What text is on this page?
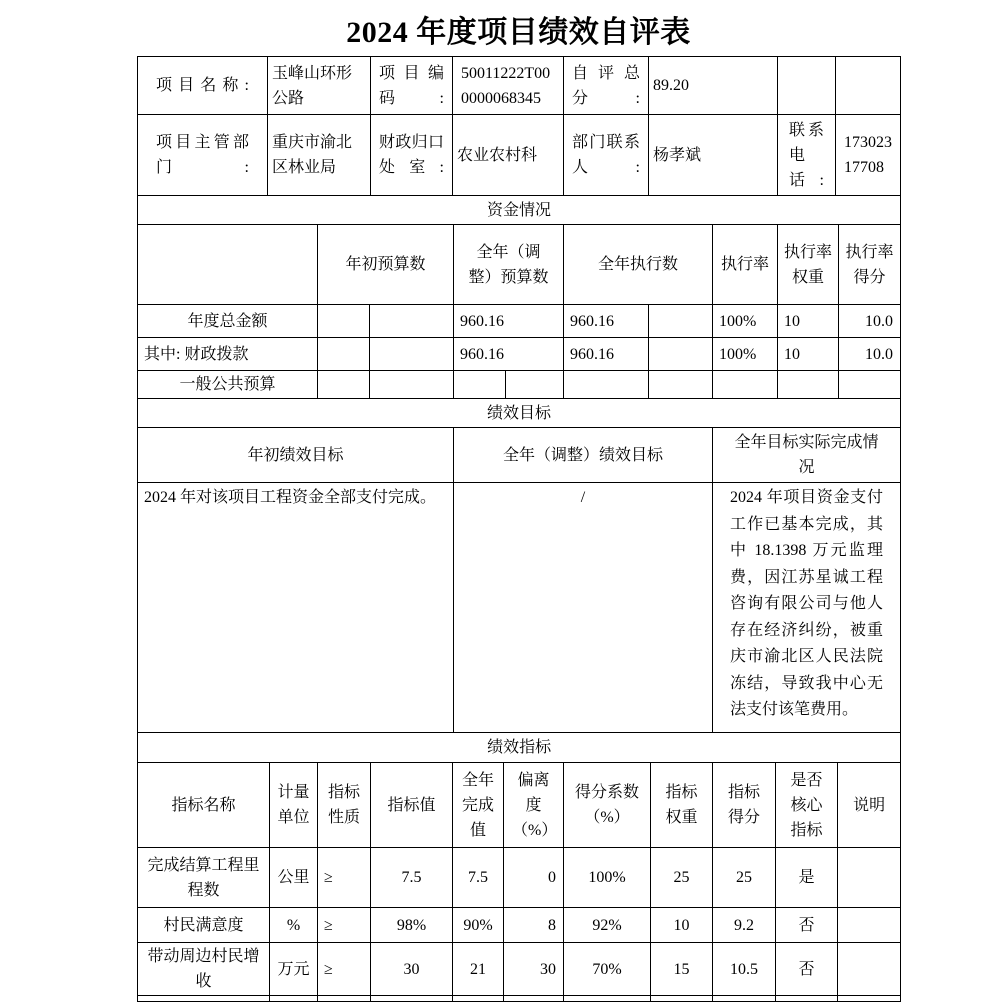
2024 年度项目绩效自评表
项目名称:	玉峰山环形公路	项目编码:	50011222T000000068345	自评总分:	89.20		
项目主管部门:	重庆市渝北区林业局	财政归口处室:	农业农村科	部门联系人:	杨孝斌	联系电话:	17302317708
资金情况									
	年初预算数		全年（调整）预算数		全年执行数		执行率	执行率权重	执行率得分
年度总金额			960.16		960.16		100%	10	10.0
其中: 财政拨款			960.16		960.16		100%	10	10.0
一般公共预算									
绩效目标		
年初绩效目标	全年（调整）绩效目标	全年目标实际完成情况
2024 年对该项目工程资金全部支付完成。	/	2024 年项目资金支付工作已基本完成，其中 18.1398 万元监理费，因江苏星诚工程咨询有限公司与他人存在经济纠纷，被重庆市渝北区人民法院冻结，导致我中心无法支付该笔费用。
绩效指标										
指标名称	计量单位	指标性质	指标值	全年完成值	偏离度（%）	得分系数（%）	指标权重	指标得分	是否核心指标	说明
完成结算工程里程数	公里	≥	7.5	7.5	0	100%	25	25	是	
村民满意度	%	≥	98%	90%	8	92%	10	9.2	否	
带动周边村民增收	万元	≥	30	21	30	70%	15	10.5	否	
